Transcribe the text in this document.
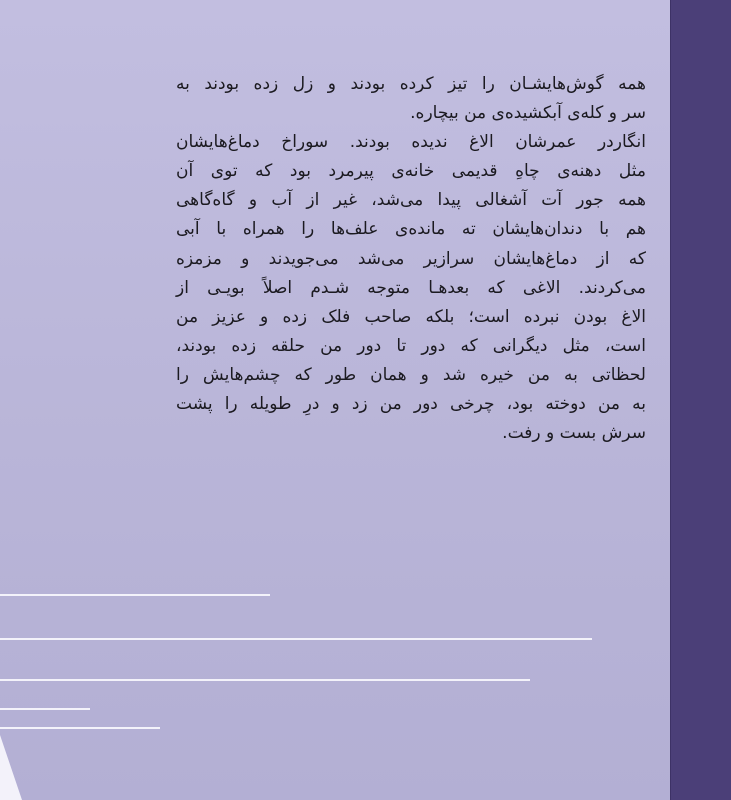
همه گوش‌هایشـان را تیز کرده بودند و زل زده بودند به
سر و کله‌ی آبکشیده‌ی من بیچاره.
انگاردر عمرشان الاغ ندیده بودند. سوراخ دماغ‌هایشان
مثل دهنه‌ی چاهِ قدیمی خانه‌ی پیرمرد بود که توی آن
همه جور آت آشغالی پیدا می‌شد، غیر از آب و گاه‌گاهی
هم با دندان‌هایشان ته مانده‌ی علف‌ها را همراه با آبی
که از دماغ‌هایشان سرازیر می‌شد می‌جویدند و مزمزه
می‌کردند. الاغی که بعدهـا متوجه شـدم اصلاً بویـی از
الاغ بودن نبرده است؛ بلکه صاحب فلک زده و عزیز من
است، مثل دیگرانی که دور تا دور من حلقه زده بودند،
لحظاتی به من خیره شد و همان طور که چشم‌هایش را
به من دوخته بود، چرخی دور من زد و درِ طویله را پشت
سرش بست و رفت.
